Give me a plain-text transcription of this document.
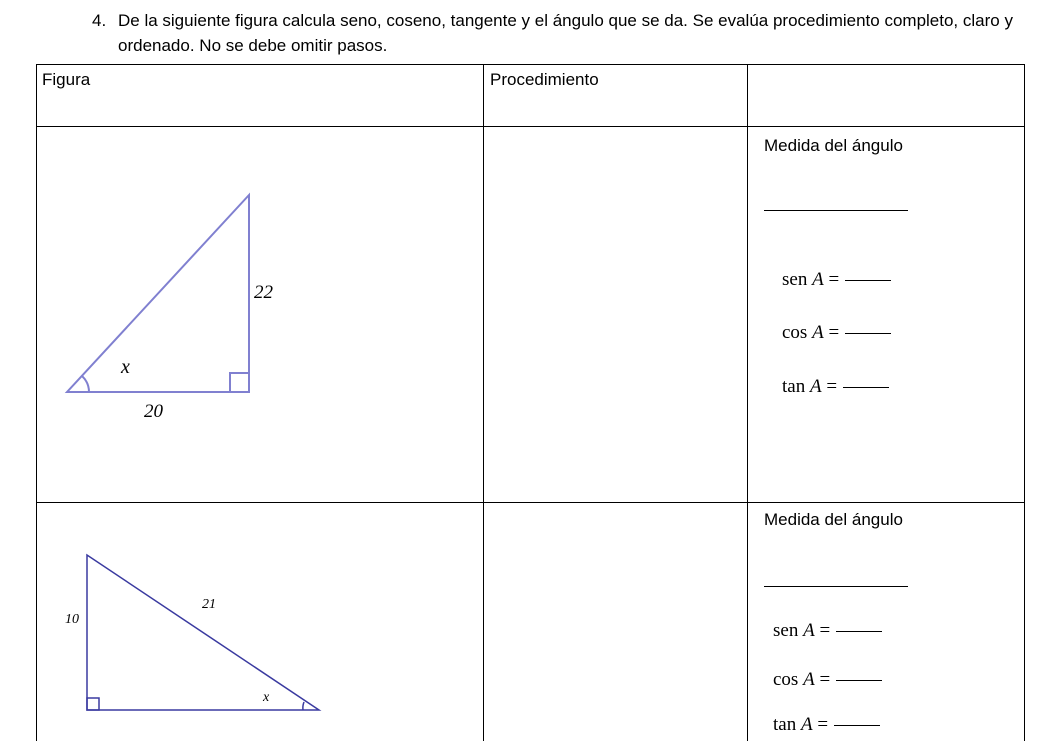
4. De la siguiente figura calcula seno, coseno, tangente y el ángulo que se da. Se evalúa procedimiento completo, claro y ordenado. No se debe omitir pasos.
Figura	Procedimiento
x
22
20
Medida del ángulo
sen A =
cos A =
tan A =
10
21
x
Medida del ángulo
sen A =
cos A =
tan A =
